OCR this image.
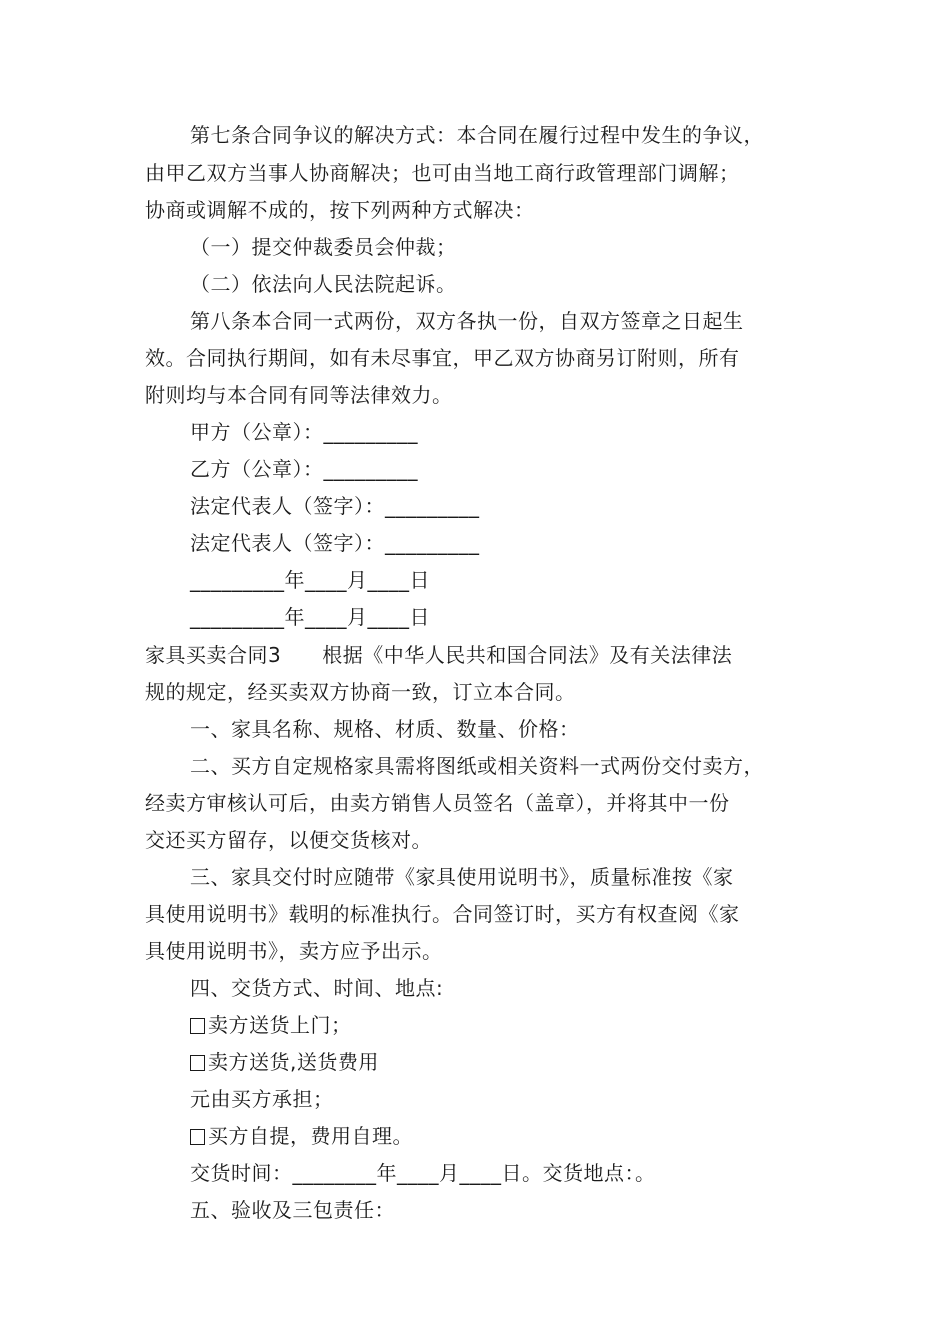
第七条合同争议的解决方式：本合同在履行过程中发生的争议，
由甲乙双方当事人协商解决；也可由当地工商行政管理部门调解；
协商或调解不成的，按下列两种方式解决：
（一）提交仲裁委员会仲裁；
（二）依法向人民法院起诉。
第八条本合同一式两份，双方各执一份，自双方签章之日起生
效。合同执行期间，如有未尽事宜，甲乙双方协商另订附则，所有
附则均与本合同有同等法律效力。
甲方（公章）：_________
乙方（公章）：_________
法定代表人（签字）：_________
法定代表人（签字）：_________
_________年____月____日
_________年____月____日
家具买卖合同3　　根据《中华人民共和国合同法》及有关法律法
规的规定，经买卖双方协商一致，订立本合同。
一、家具名称、规格、材质、数量、价格：
二、买方自定规格家具需将图纸或相关资料一式两份交付卖方，
经卖方审核认可后，由卖方销售人员签名（盖章），并将其中一份
交还买方留存，以便交货核对。
三、家具交付时应随带《家具使用说明书》，质量标准按《家
具使用说明书》载明的标准执行。合同签订时，买方有权查阅《家
具使用说明书》，卖方应予出示。
四、交货方式、时间、地点:
卖方送货上门；
卖方送货,送货费用
元由买方承担；
买方自提，费用自理。
交货时间：________年____月____日。交货地点：。
五、验收及三包责任：
